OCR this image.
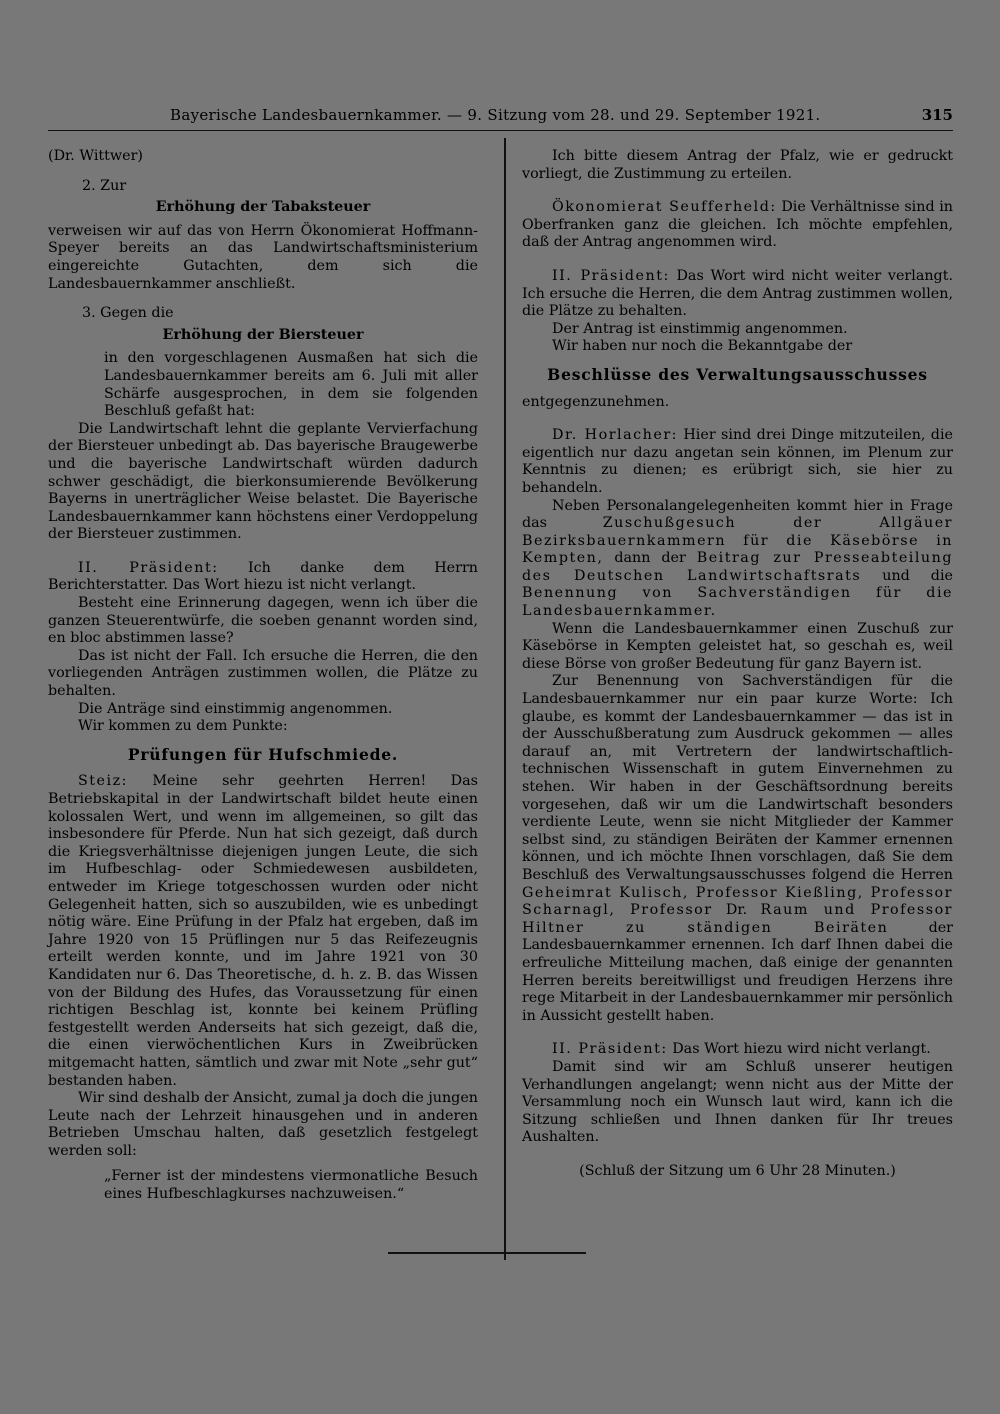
Bayerische Landesbauernkammer. — 9. Sitzung vom 28. und 29. September 1921.	315

(Dr. Wittwer)

2. Zur

Erhöhung der Tabaksteuer

verweisen wir auf das von Herrn Ökonomierat Hoffmann-Speyer bereits an das Landwirtschaftsministerium eingereichte Gutachten, dem sich die Landesbauernkammer anschließt.

3. Gegen die

Erhöhung der Biersteuer

in den vorgeschlagenen Ausmaßen hat sich die Landesbauernkammer bereits am 6. Juli mit aller Schärfe ausgesprochen, in dem sie folgenden Beschluß gefaßt hat:

Die Landwirtschaft lehnt die geplante Vervierfachung der Biersteuer unbedingt ab. Das bayerische Braugewerbe und die bayerische Landwirtschaft würden dadurch schwer geschädigt, die bierkonsumierende Bevölkerung Bayerns in unerträglicher Weise belastet. Die Bayerische Landesbauernkammer kann höchstens einer Verdoppelung der Biersteuer zustimmen.

II. Präsident: Ich danke dem Herrn Berichterstatter. Das Wort hiezu ist nicht verlangt.

Besteht eine Erinnerung dagegen, wenn ich über die ganzen Steuerentwürfe, die soeben genannt worden sind, en bloc abstimmen lasse?

Das ist nicht der Fall. Ich ersuche die Herren, die den vorliegenden Anträgen zustimmen wollen, die Plätze zu behalten.

Die Anträge sind einstimmig angenommen.

Wir kommen zu dem Punkte:

Prüfungen für Hufschmiede.

Steiz: Meine sehr geehrten Herren! Das Betriebskapital in der Landwirtschaft bildet heute einen kolossalen Wert, und wenn im allgemeinen, so gilt das insbesondere für Pferde. Nun hat sich gezeigt, daß durch die Kriegsverhältnisse diejenigen jungen Leute, die sich im Hufbeschlag- oder Schmiedewesen ausbildeten, entweder im Kriege totgeschossen wurden oder nicht Gelegenheit hatten, sich so auszubilden, wie es unbedingt nötig wäre. Eine Prüfung in der Pfalz hat ergeben, daß im Jahre 1920 von 15 Prüflingen nur 5 das Reifezeugnis erteilt werden konnte, und im Jahre 1921 von 30 Kandidaten nur 6. Das Theoretische, d. h. z. B. das Wissen von der Bildung des Hufes, das Voraussetzung für einen richtigen Beschlag ist, konnte bei keinem Prüfling festgestellt werden Anderseits hat sich gezeigt, daß die, die einen vierwöchentlichen Kurs in Zweibrücken mitgemacht hatten, sämtlich und zwar mit Note „sehr gut“ bestanden haben.

Wir sind deshalb der Ansicht, zumal ja doch die jungen Leute nach der Lehrzeit hinausgehen und in anderen Betrieben Umschau halten, daß gesetzlich festgelegt werden soll:

„Ferner ist der mindestens viermonatliche Besuch eines Hufbeschlagkurses nachzuweisen.“

Ich bitte diesem Antrag der Pfalz, wie er gedruckt vorliegt, die Zustimmung zu erteilen.

Ökonomierat Seufferheld: Die Verhältnisse sind in Oberfranken ganz die gleichen. Ich möchte empfehlen, daß der Antrag angenommen wird.

II. Präsident: Das Wort wird nicht weiter verlangt. Ich ersuche die Herren, die dem Antrag zustimmen wollen, die Plätze zu behalten.

Der Antrag ist einstimmig angenommen.

Wir haben nur noch die Bekanntgabe der

Beschlüsse des Verwaltungsausschusses

entgegenzunehmen.

Dr. Horlacher: Hier sind drei Dinge mitzuteilen, die eigentlich nur dazu angetan sein können, im Plenum zur Kenntnis zu dienen; es erübrigt sich, sie hier zu behandeln.

Neben Personalangelegenheiten kommt hier in Frage das	Zuschußgesuch der Allgäuer Bezirksbauernkammern für die Käsebörse in Kempten, dann der Beitrag zur Presseabteilung des Deutschen Landwirtschaftsrats und die Benennung von Sachverständigen für die Landesbauernkammer.

Wenn die Landesbauernkammer einen Zuschuß zur Käsebörse in Kempten geleistet hat, so geschah es, weil diese Börse von großer Bedeutung für ganz Bayern ist.

Zur Benennung von Sachverständigen für die Landesbauernkammer nur ein paar kurze Worte: Ich glaube, es kommt der Landesbauernkammer — das ist in der Ausschußberatung zum Ausdruck gekommen — alles darauf an, mit Vertretern der landwirtschaftlich-technischen Wissenschaft in gutem Einvernehmen zu stehen. Wir haben in der Geschäftsordnung bereits vorgesehen, daß wir um die Landwirtschaft besonders verdiente Leute, wenn sie nicht Mitglieder der Kammer selbst sind, zu ständigen Beiräten der Kammer ernennen können, und ich möchte Ihnen vorschlagen, daß Sie dem Beschluß des Verwaltungsausschusses folgend die Herren Geheimrat Kulisch, Professor Kießling, Professor Scharnagl, Professor Dr. Raum und Professor Hiltner zu ständigen Beiräten	der Landesbauernkammer ernennen. Ich darf Ihnen dabei die erfreuliche Mitteilung machen, daß einige der genannten Herren bereits bereitwilligst und freudigen Herzens ihre rege Mitarbeit in der Landesbauernkammer mir persönlich in Aussicht gestellt haben.

II. Präsident: Das Wort hiezu wird nicht verlangt.

Damit sind wir am Schluß unserer heutigen Verhandlungen angelangt; wenn nicht aus der Mitte der Versammlung noch ein Wunsch laut wird, kann ich die Sitzung schließen und Ihnen danken für Ihr treues Aushalten.

(Schluß der Sitzung um 6 Uhr 28 Minuten.)
